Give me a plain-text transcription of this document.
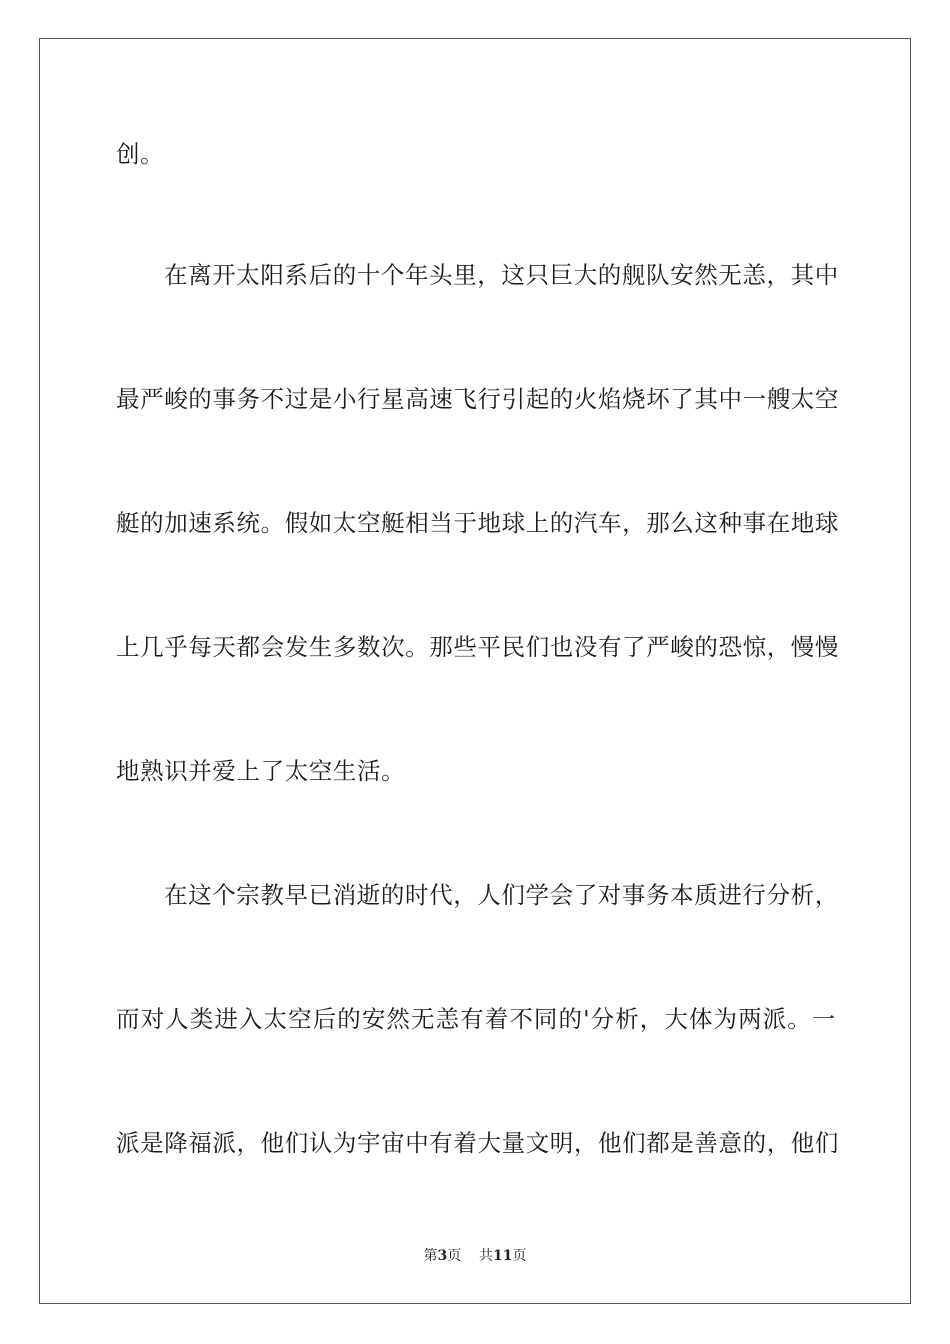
创。
在离开太阳系后的十个年头里，这只巨大的舰队安然无恙，其中
最严峻的事务不过是小行星高速飞行引起的火焰烧坏了其中一艘太空
艇的加速系统。假如太空艇相当于地球上的汽车，那么这种事在地球
上几乎每天都会发生多数次。那些平民们也没有了严峻的恐惊，慢慢
地熟识并爱上了太空生活。
在这个宗教早已消逝的时代，人们学会了对事务本质进行分析，
而对人类进入太空后的安然无恙有着不同的'分析，大体为两派。一
派是降福派，他们认为宇宙中有着大量文明，他们都是善意的，他们
第3页 共11页
